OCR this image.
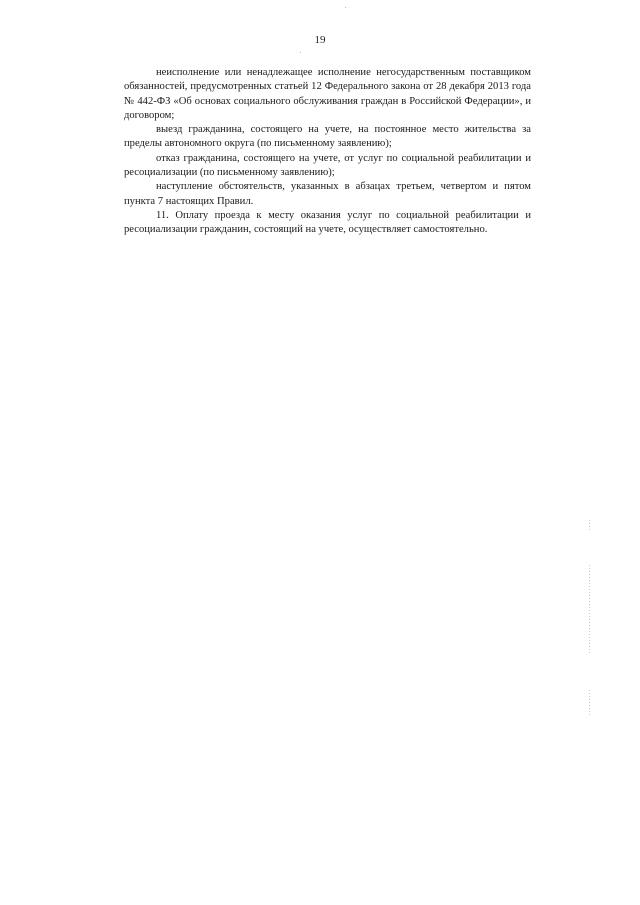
19

неисполнение или ненадлежащее исполнение негосударственным поставщиком обязанностей, предусмотренных статьей 12 Федерального закона от 28 декабря 2013 года № 442-ФЗ «Об основах социального обслуживания граждан в Российской Федерации», и договором;

выезд гражданина, состоящего на учете, на постоянное место жительства за пределы автономного округа (по письменному заявлению);

отказ гражданина, состоящего на учете, от услуг по социальной реабилитации и ресоциализации (по письменному заявлению);

наступление обстоятельств, указанных в абзацах третьем, четвертом и пятом пункта 7 настоящих Правил.

11. Оплату проезда к месту оказания услуг по социальной реабилитации и ресоциализации гражданин, состоящий на учете, осуществляет самостоятельно.
